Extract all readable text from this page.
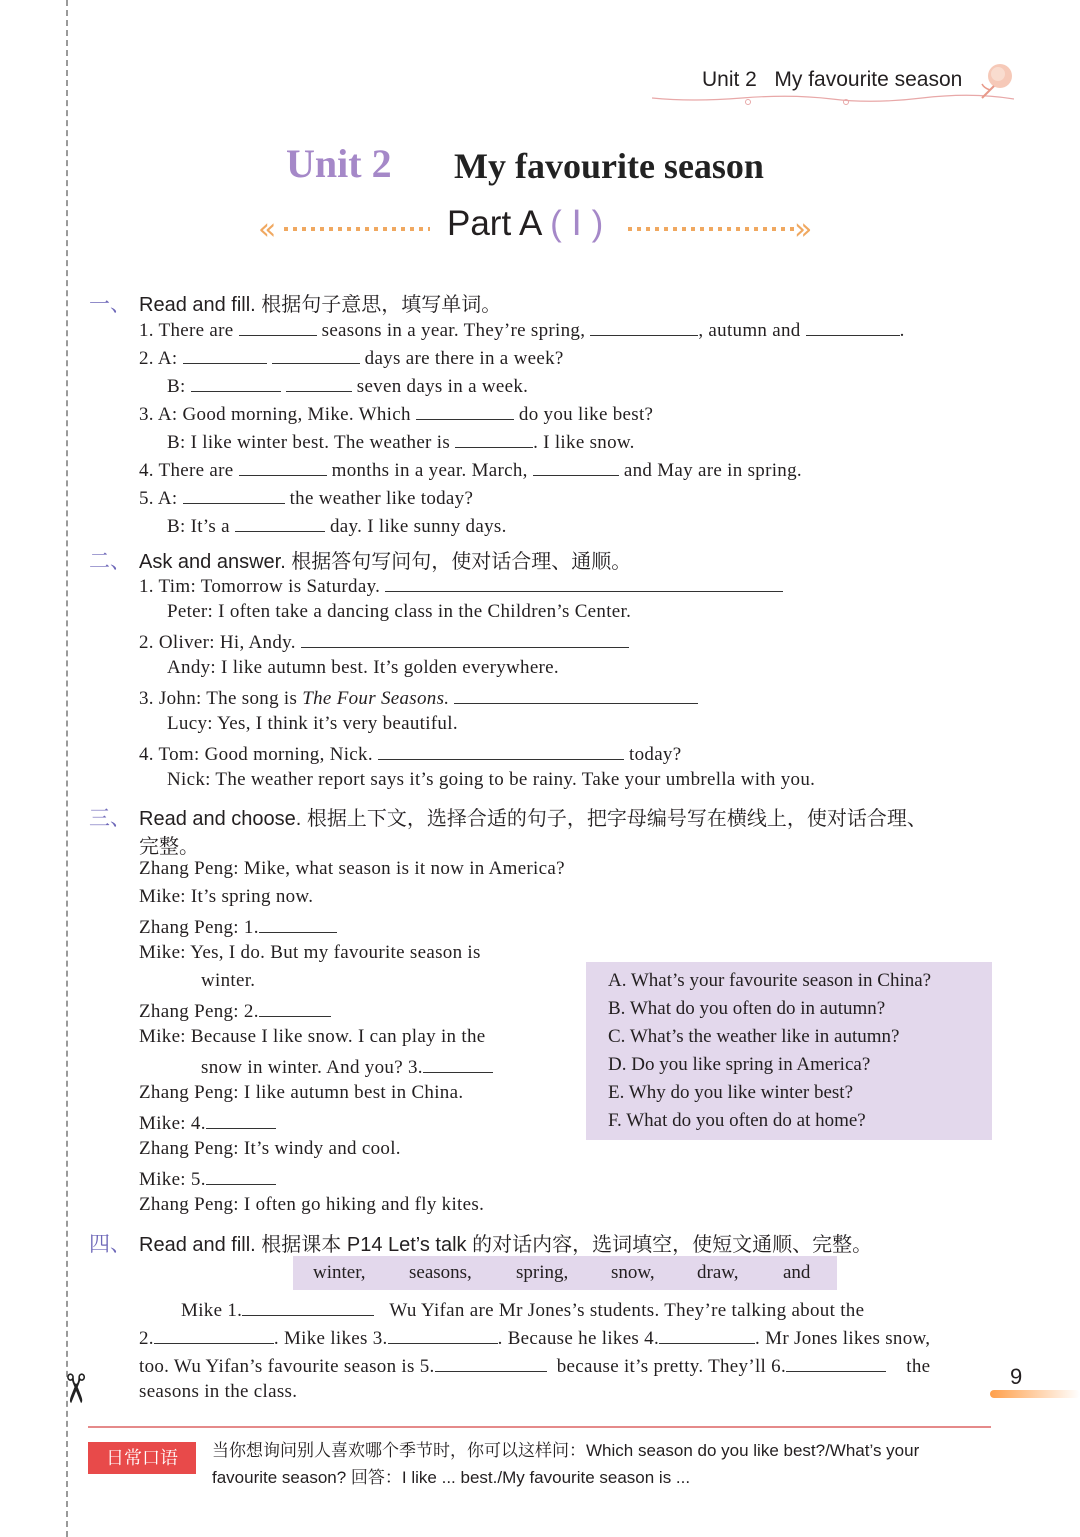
✂
Unit 2 My favourite season
Unit 2 My favourite season
«	Part A ( Ⅰ )	»
一、 Read and fill. 根据句子意思，填写单词。
1. There are	seasons in a year. They’re spring,	, autumn and	.
2. A:	days are there in a week?
B:	seven days in a week.
3. A: Good morning, Mike. Which	do you like best?
B: I like winter best. The weather is	. I like snow.
4. There are	months in a year. March,	and May are in spring.
5. A:	the weather like today?
B: It’s a	day. I like sunny days.
二、 Ask and answer. 根据答句写问句，使对话合理、通顺。
1. Tim: Tomorrow is Saturday.
Peter: I often take a dancing class in the Children’s Center.
2. Oliver: Hi, Andy.
Andy: I like autumn best. It’s golden everywhere.
3. John: The song is The Four Seasons.
Lucy: Yes, I think it’s very beautiful.
4. Tom: Good morning, Nick.	today?
Nick: The weather report says it’s going to be rainy. Take your umbrella with you.
三、 Read and choose. 根据上下文，选择合适的句子，把字母编号写在横线上，使对话合理、
完整。
Zhang Peng: Mike, what season is it now in America?
Mike: It’s spring now.
Zhang Peng: 1.
Mike: Yes, I do. But my favourite season is
winter.
Zhang Peng: 2.
Mike: Because I like snow. I can play in the
snow in winter. And you? 3.
Zhang Peng: I like autumn best in China.
Mike: 4.
Zhang Peng: It’s windy and cool.
Mike: 5.
Zhang Peng: I often go hiking and fly kites.
A. What’s your favourite season in China?
B. What do you often do in autumn?
C. What’s the weather like in autumn?
D. Do you like spring in America?
E. Why do you like winter best?
F. What do you often do at home?
四、 Read and fill. 根据课本 P14 Let’s talk 的对话内容，选词填空，使短文通顺、完整。
winter, seasons, spring, snow, draw, and
Mike 1.	Wu Yifan are Mr Jones’s students. They’re talking about the
2.	. Mike likes 3.	. Because he likes 4.	. Mr Jones likes snow,
too. Wu Yifan’s favourite season is 5.	because it’s pretty. They’ll 6.	the
seasons in the class.
9
日常口语	当你想询问别人喜欢哪个季节时，你可以这样问：Which season do you like best?/What’s your
favourite season? 回答：I like ... best./My favourite season is ...
